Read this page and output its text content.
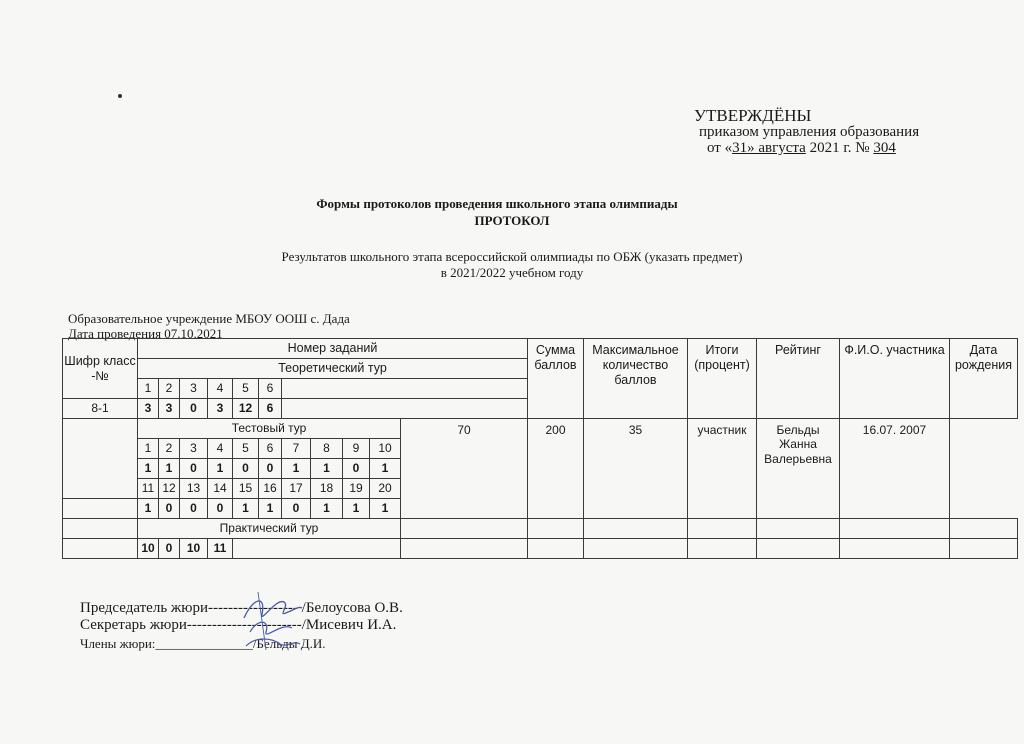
УТВЕРЖДЁНЫ
приказом управления образования
от «31» августа 2021 г. № 304
Формы протоколов проведения школьного этапа олимпиады
ПРОТОКОЛ
Результатов школьного этапа всероссийской олимпиады по ОБЖ (указать предмет)
в 2021/2022 учебном году
Образовательное учреждение МБОУ ООШ с. Дада
Дата проведения 07.10.2021
Шифр класс -№	Номер заданий											Сумма баллов	Максимальное количество баллов	Итоги (процент)	Рейтинг	Ф.И.О. участника	Дата рождения
	Теоретический тур																
	1	2	3	4	5	6											
8-1	3	3	0	3	12	6											
	Тестовый тур										70	200	35	участник	Бельды Жанна Валерьевна	16.07. 2007	
	1	2	3	4	5	6	7	8	9	10							
	1	1	0	1	0	0	1	1	0	1							
	11	12	13	14	15	16	17	18	19	20							
	1	0	0	0	1	1	0	1	1	1							
	Практический тур																
	10	0	10	11													
Председатель жюри------------------ /Белоусова О.В.
Секретарь жюри-----------------------/Мисевич И.А.
Члены жюри:_______________/Бельды Д.И.
